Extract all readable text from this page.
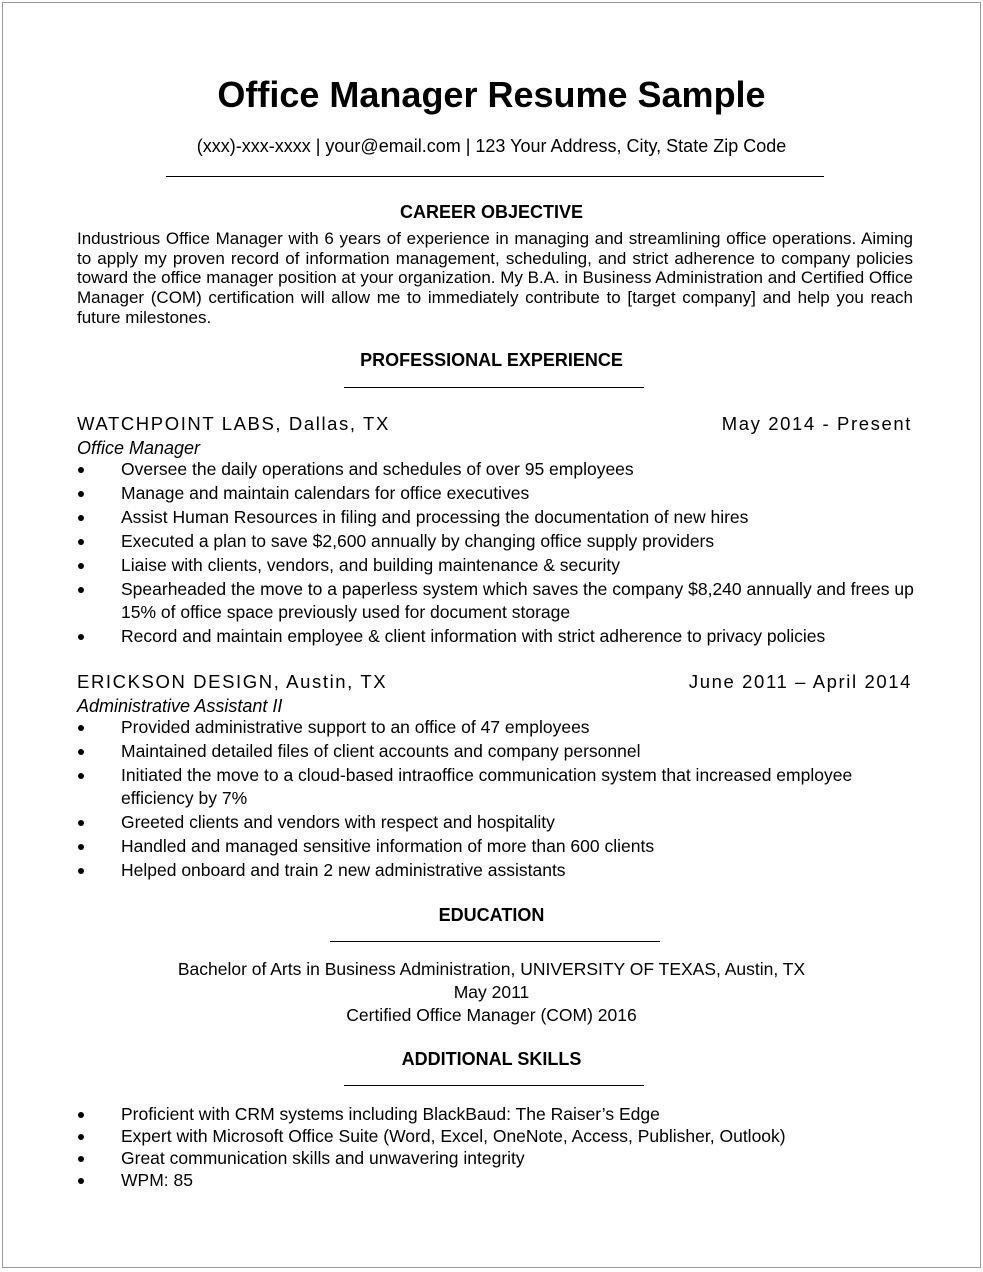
Office Manager Resume Sample
(xxx)-xxx-xxxx | your@email.com | 123 Your Address, City, State Zip Code
CAREER OBJECTIVE
Industrious Office Manager with 6 years of experience in managing and streamlining office operations. Aiming to apply my proven record of information management, scheduling, and strict adherence to company policies toward the office manager position at your organization. My B.A. in Business Administration and Certified Office Manager (COM) certification will allow me to immediately contribute to [target company] and help you reach future milestones.
PROFESSIONAL EXPERIENCE
WATCHPOINT LABS, Dallas, TX	May 2014 - Present
Office Manager
Oversee the daily operations and schedules of over 95 employees
Manage and maintain calendars for office executives
Assist Human Resources in filing and processing the documentation of new hires
Executed a plan to save $2,600 annually by changing office supply providers
Liaise with clients, vendors, and building maintenance & security
Spearheaded the move to a paperless system which saves the company $8,240 annually and frees up 15% of office space previously used for document storage
Record and maintain employee & client information with strict adherence to privacy policies
ERICKSON DESIGN, Austin, TX	June 2011 – April 2014
Administrative Assistant II
Provided administrative support to an office of 47 employees
Maintained detailed files of client accounts and company personnel
Initiated the move to a cloud-based intraoffice communication system that increased employee efficiency by 7%
Greeted clients and vendors with respect and hospitality
Handled and managed sensitive information of more than 600 clients
Helped onboard and train 2 new administrative assistants
EDUCATION
Bachelor of Arts in Business Administration, UNIVERSITY OF TEXAS, Austin, TX
May 2011
Certified Office Manager (COM) 2016
ADDITIONAL SKILLS
Proficient with CRM systems including BlackBaud: The Raiser’s Edge
Expert with Microsoft Office Suite (Word, Excel, OneNote, Access, Publisher, Outlook)
Great communication skills and unwavering integrity
WPM: 85
